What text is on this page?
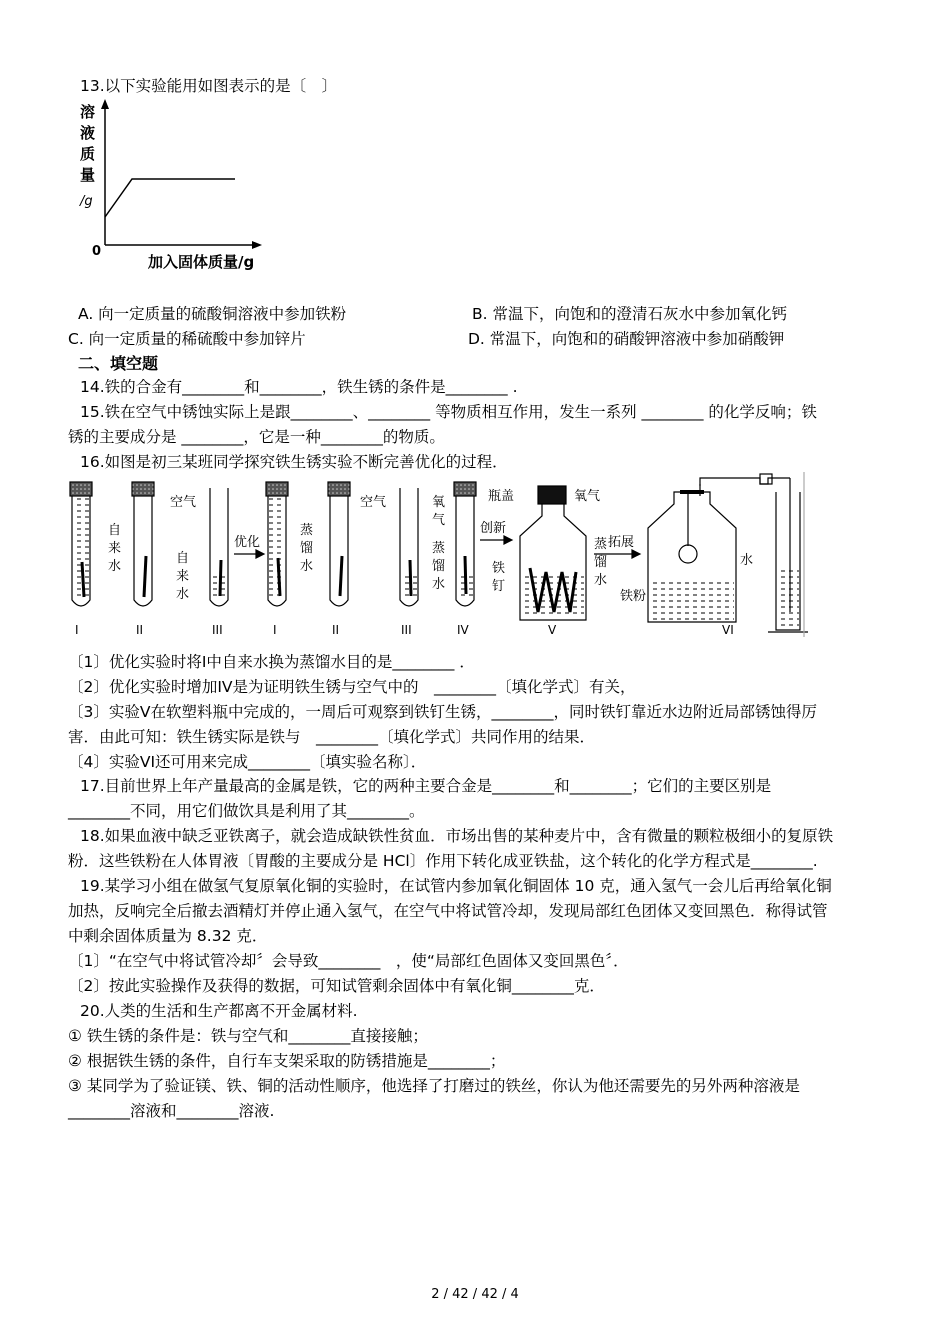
13.以下实验能用如图表示的是〔　〕
溶
液
质
量
/g
0
加入固体质量/g
A. 向一定质量的硫酸铜溶液中参加铁粉	B. 常温下，向饱和的澄清石灰水中参加氧化钙
C. 向一定质量的稀硫酸中参加锌片	D. 常温下，向饱和的硝酸钾溶液中参加硝酸钾
二、填空题
14.铁的合金有________和________，铁生锈的条件是________ .
15.铁在空气中锈蚀实际上是跟________、________ 等物质相互作用，发生一系列 ________ 的化学反响；铁
锈的主要成分是 ________，它是一种________的物质。
16.如图是初三某班同学探究铁生锈实验不断完善优化的过程．
空气
自
来
水
自
来
水
优化
蒸
馏
水
空气	氧
气
蒸
馏
水
创新
铁
钉
瓶盖	氧气
蒸
馏
水
拓展
铁粉
水
I	II	III	I	II	III	IV	V	VI
〔1〕优化实验时将I中自来水换为蒸馏水目的是________ ．
〔2〕优化实验时增加IV是为证明铁生锈与空气中的　________〔填化学式〕有关，
〔3〕实验V在软塑料瓶中完成的，一周后可观察到铁钉生锈，________，同时铁钉靠近水边附近局部锈蚀得厉
害．由此可知：铁生锈实际是铁与　________〔填化学式〕共同作用的结果．
〔4〕实验VI还可用来完成________〔填实验名称〕．
17.目前世界上年产量最高的金属是铁，它的两种主要合金是________和________；它们的主要区别是
________不同，用它们做饮具是利用了其________。
18.如果血液中缺乏亚铁离子，就会造成缺铁性贫血．市场出售的某种麦片中，含有微量的颗粒极细小的复原铁
粉．这些铁粉在人体胃液〔胃酸的主要成分是 HCl〕作用下转化成亚铁盐，这个转化的化学方程式是________.
19.某学习小组在做氢气复原氧化铜的实验时，在试管内参加氧化铜固体 10 克，通入氢气一会儿后再给氧化铜
加热，反响完全后撤去酒精灯并停止通入氢气，在空气中将试管冷却，发现局部红色团体又变回黑色．称得试管
中剩余固体质量为 8.32 克．
〔1〕“在空气中将试管冷却〞会导致________　，使“局部红色固体又变回黑色〞．
〔2〕按此实验操作及获得的数据，可知试管剩余固体中有氧化铜________克．
20.人类的生活和生产都离不开金属材料.
① 铁生锈的条件是：铁与空气和________直接接触；
② 根据铁生锈的条件，自行车支架采取的防锈措施是________；
③ 某同学为了验证镁、铁、铜的活动性顺序，他选择了打磨过的铁丝，你认为他还需要先的另外两种溶液是
________溶液和________溶液.
2 / 42 / 42 / 4
